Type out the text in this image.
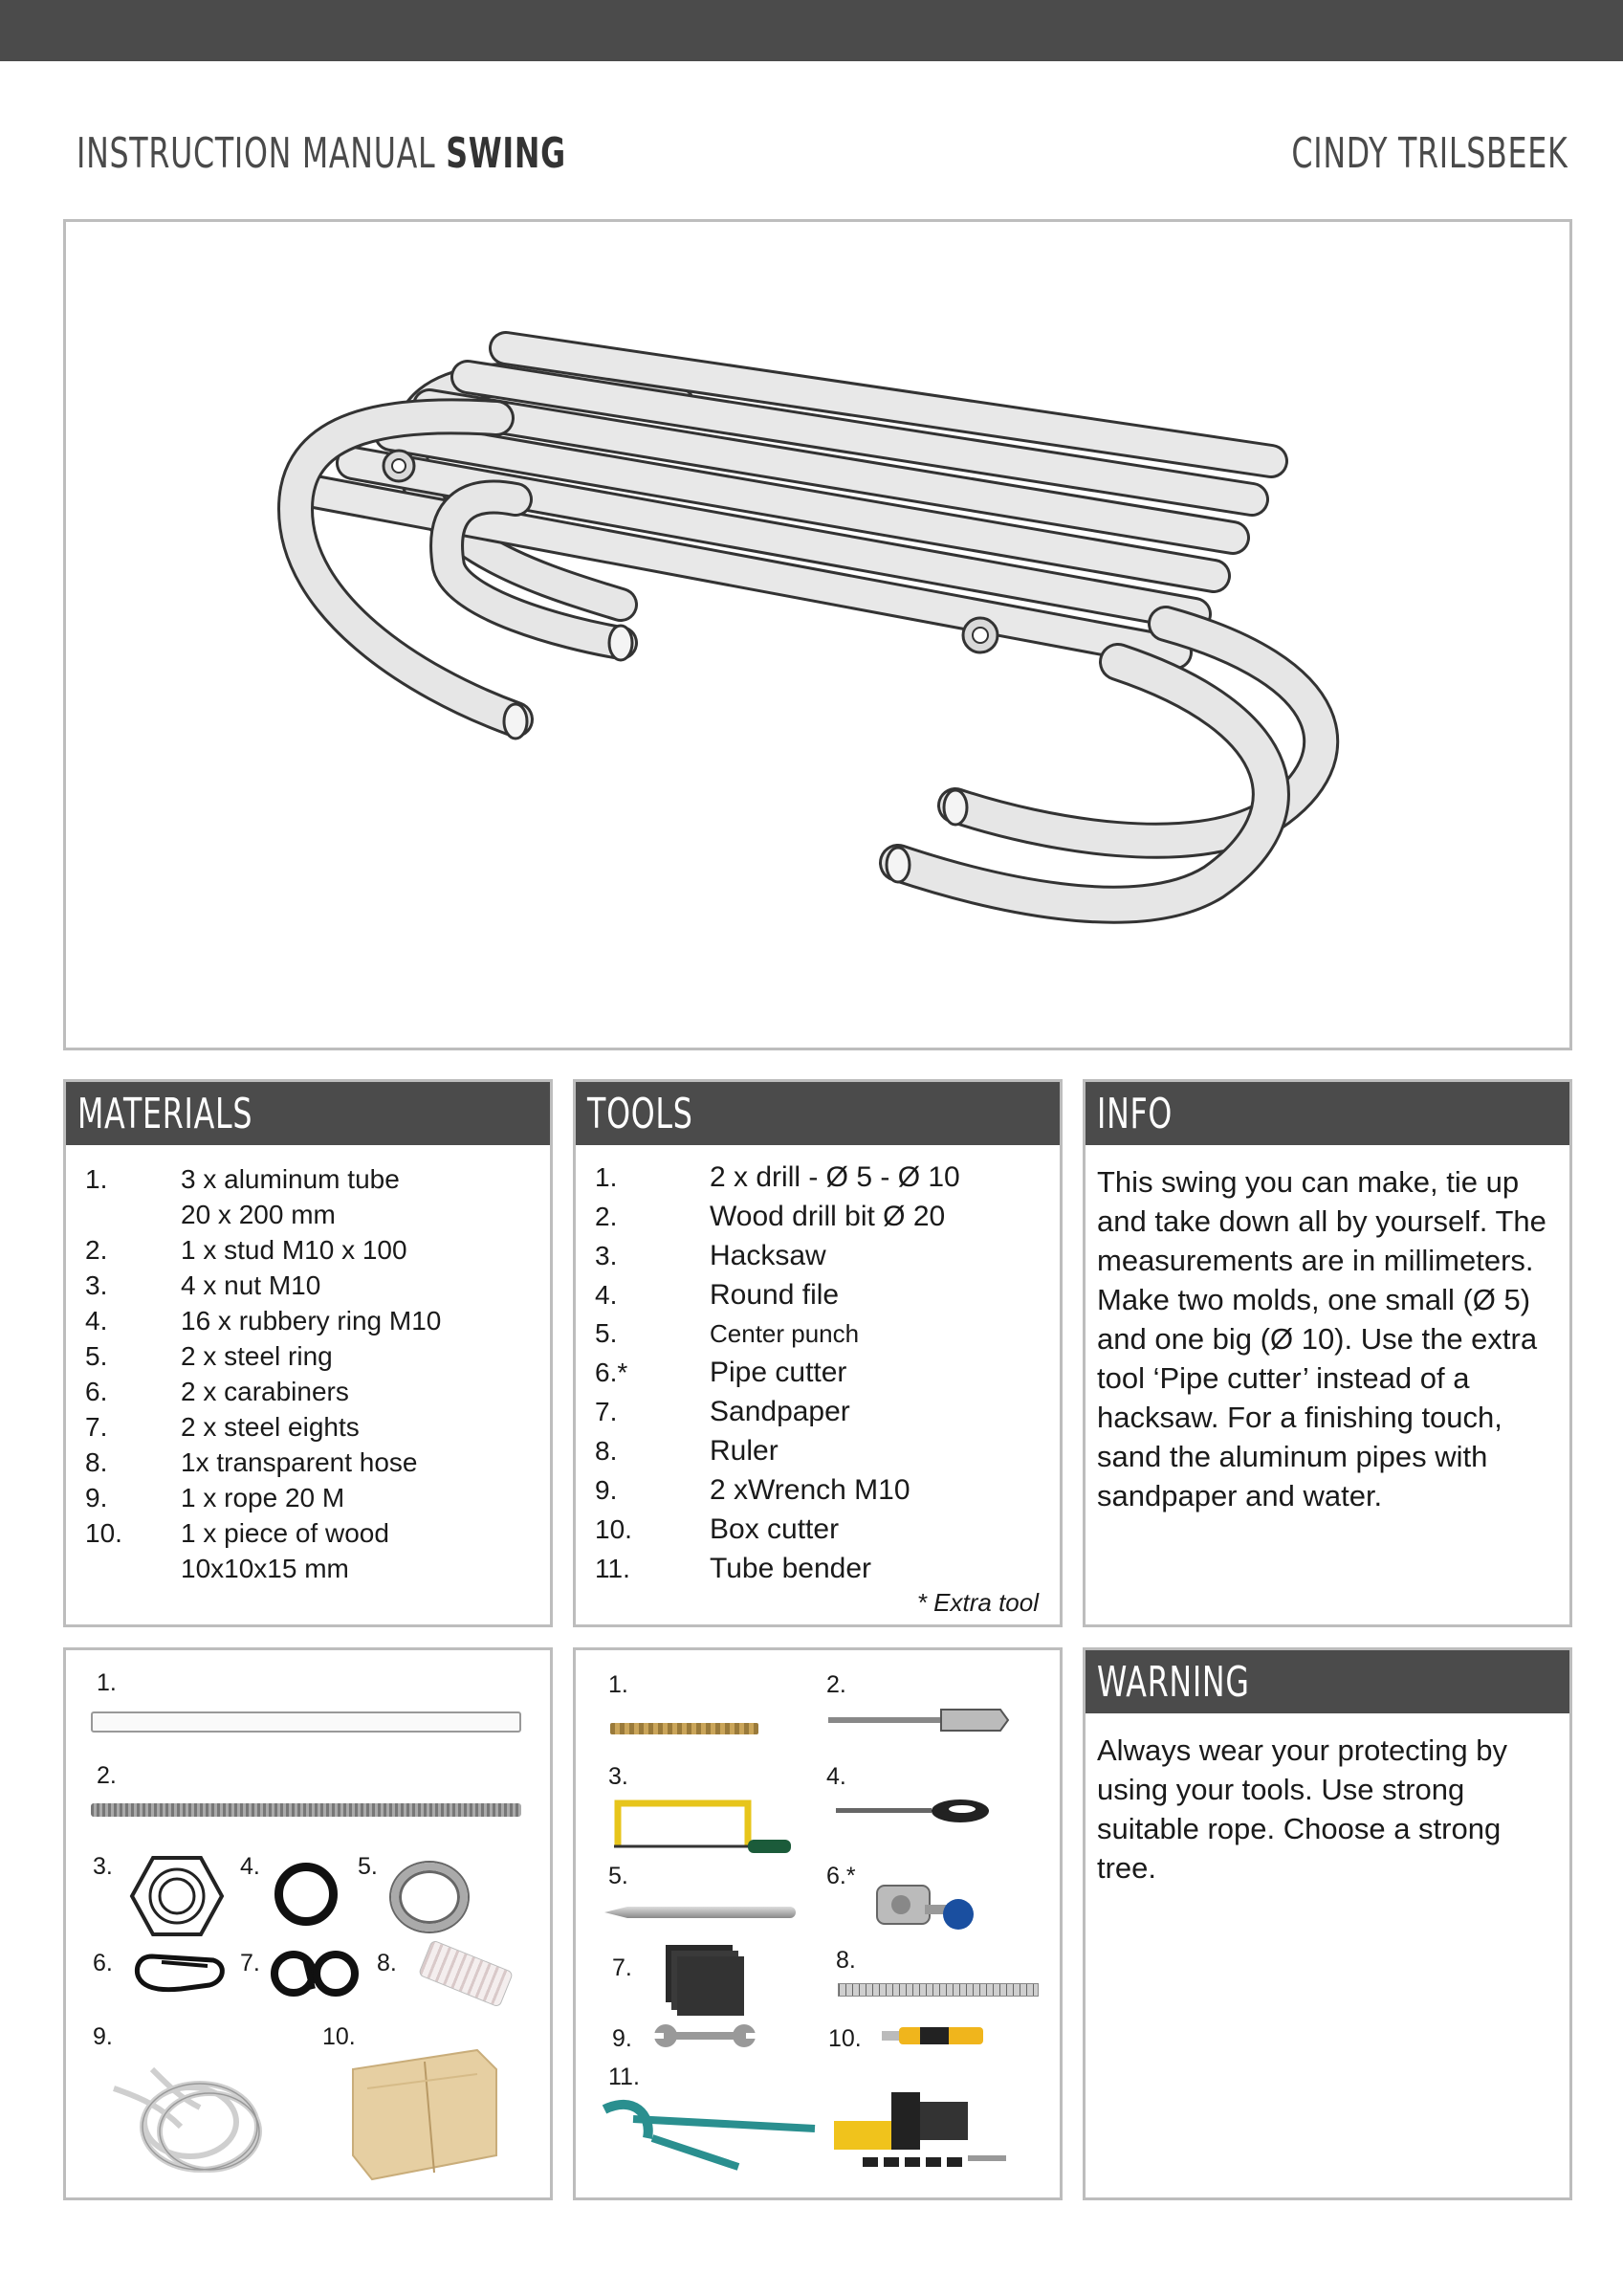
INSTRUCTION MANUAL SWING	CINDY TRILSBEEK
MATERIALS
1.	3 x aluminum tube
20 x 200 mm
2.	1 x stud M10 x 100
3.	4 x nut M10
4.	16 x rubbery ring M10
5.	2 x steel ring
6.	2 x carabiners
7.	2 x steel eights
8.	1x transparent hose
9.	1 x rope 20 M
10. 1 x piece of wood
10x10x15 mm
TOOLS
1.	2 x drill - Ø 5 - Ø 10
2.	Wood drill bit Ø 20
3.	Hacksaw
4.	Round file
5.	Center punch
6.*	Pipe cutter
7.	Sandpaper
8.	Ruler
9.	2 xWrench M10
10.	Box cutter
11.	Tube bender
* Extra tool
INFO
This swing you can make, tie up
and take down all by yourself. The
measurements are in millimeters.
Make two molds, one small (Ø 5)
and one big (Ø 10). Use the extra
tool ‘Pipe cutter’ instead of a
hacksaw. For a finishing touch,
sand the aluminum pipes with
sandpaper and water.
1.
2.
3.	4.	5.
6.	7.	8.
9.	10.
1.	2.
3.	4.
5.	6.*
7.	8.
9.	10.
11.
WARNING
Always wear your protecting by
using your tools. Use strong
suitable rope. Choose a strong
tree.
